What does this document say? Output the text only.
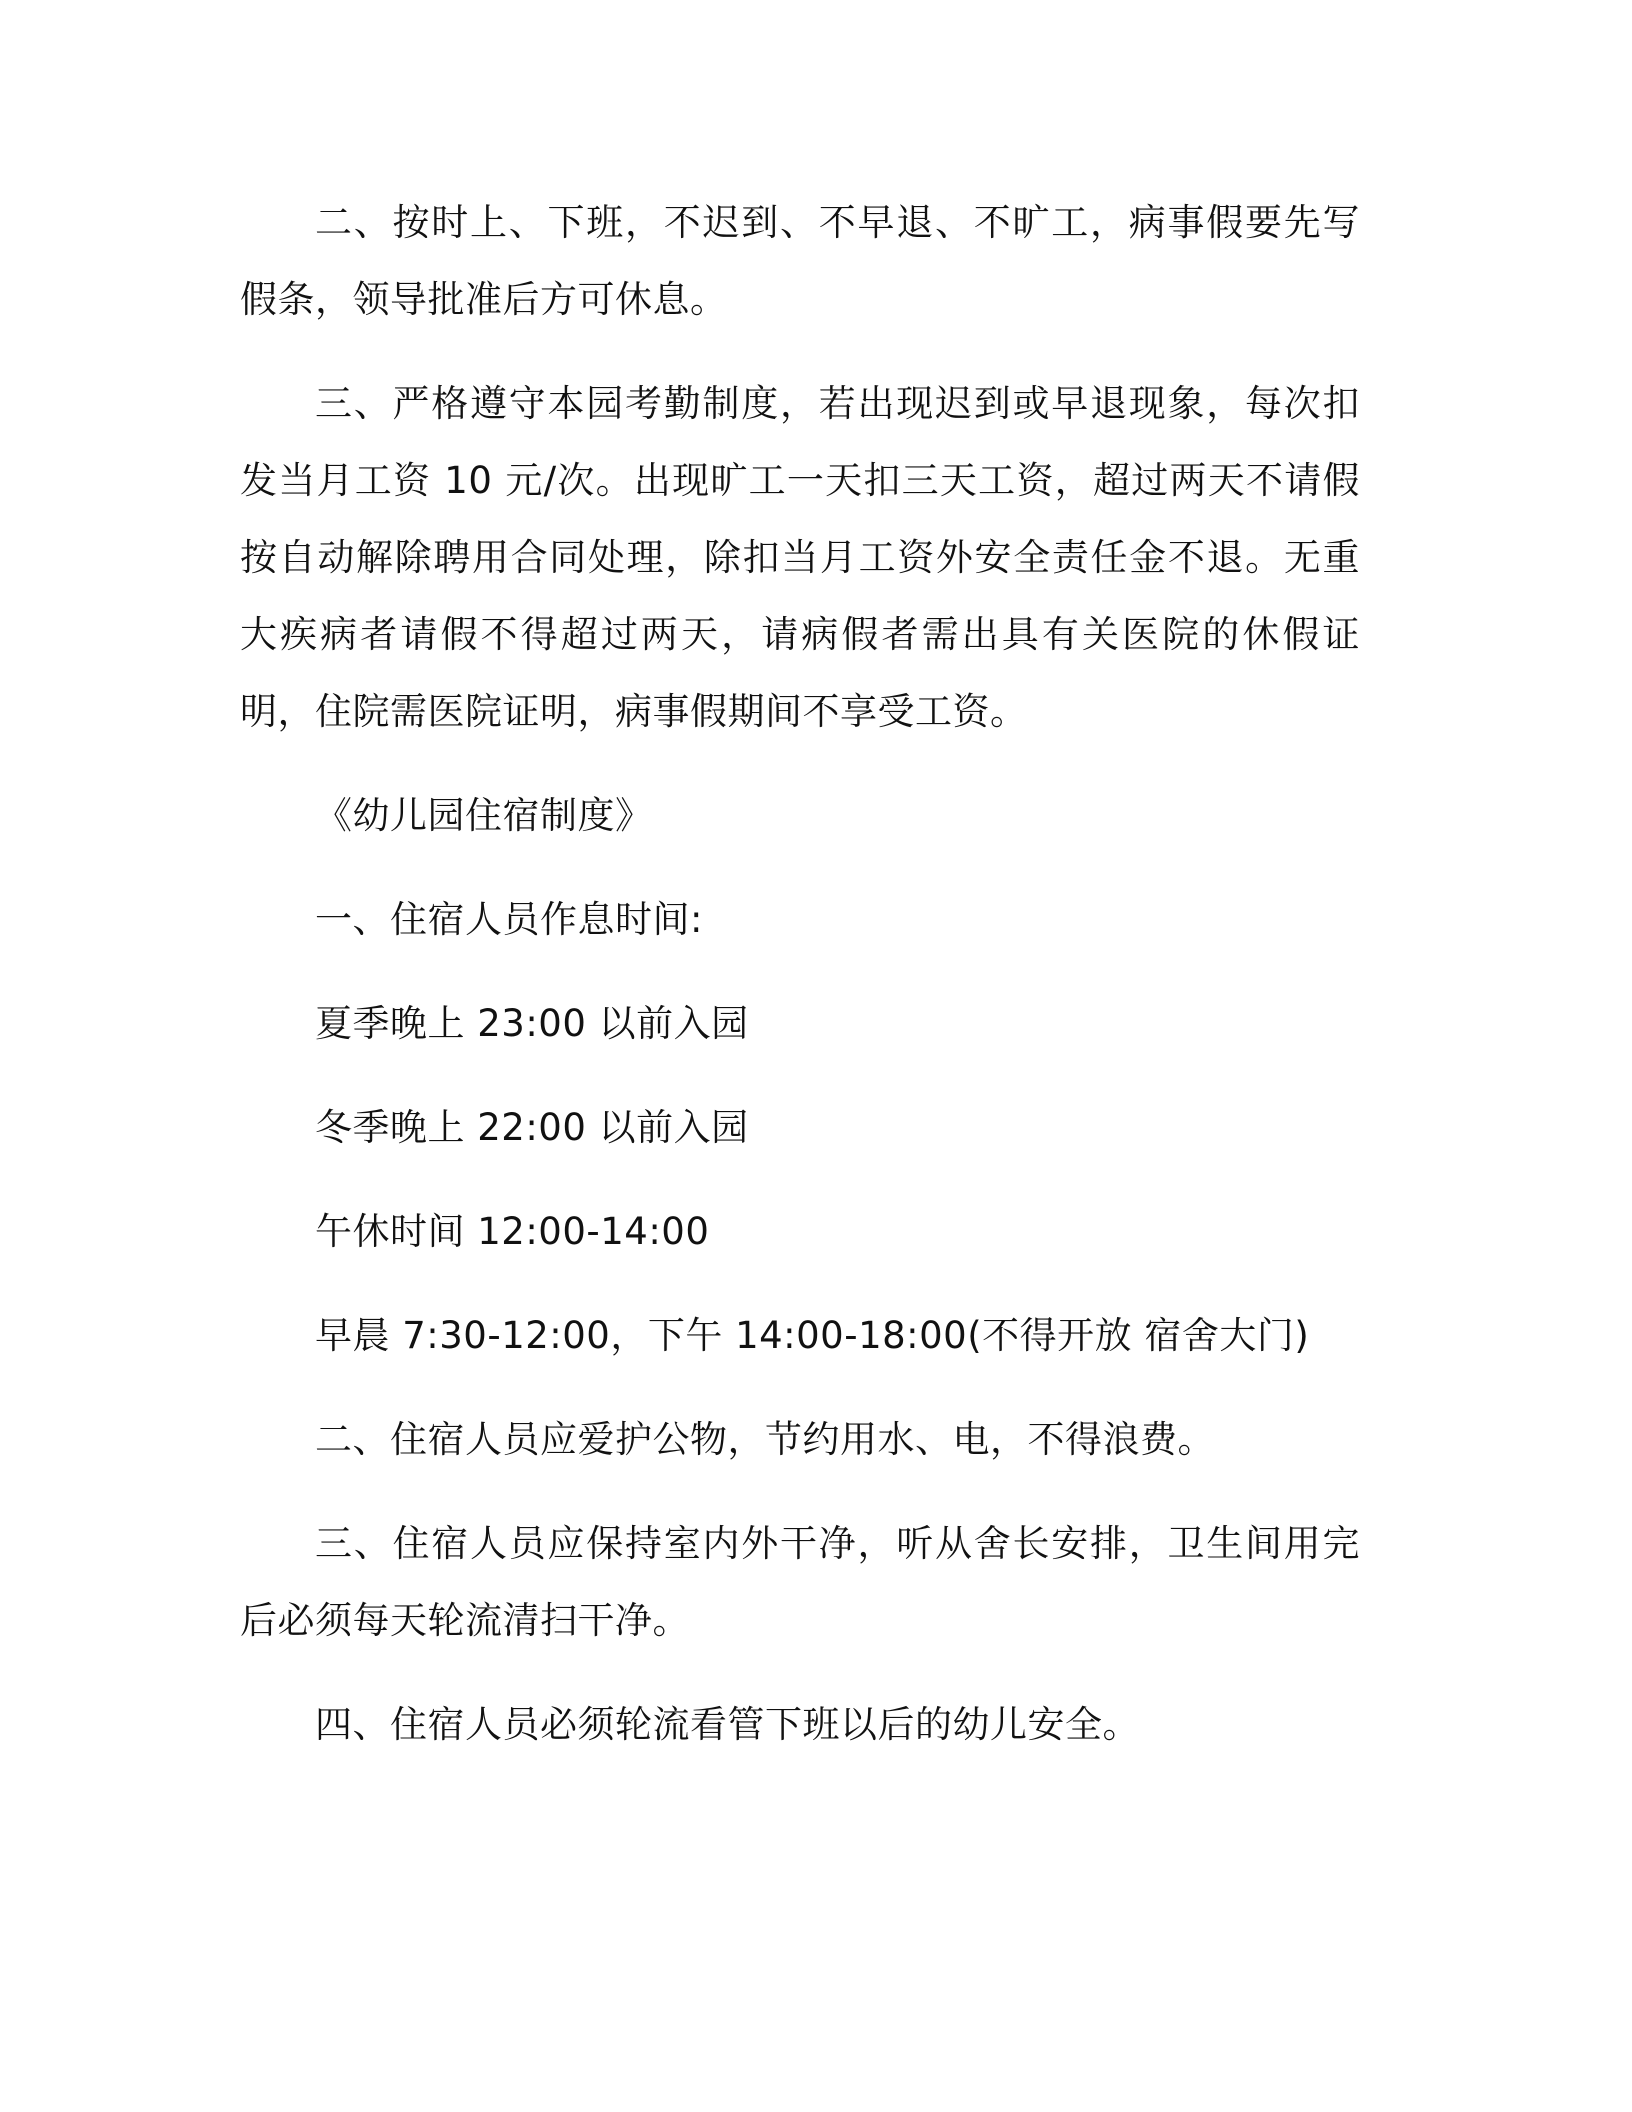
二、按时上、下班，不迟到、不早退、不旷工，病事假要先写假条，领导批准后方可休息。

三、严格遵守本园考勤制度，若出现迟到或早退现象，每次扣发当月工资 10 元/次。出现旷工一天扣三天工资，超过两天不请假按自动解除聘用合同处理，除扣当月工资外安全责任金不退。无重大疾病者请假不得超过两天，请病假者需出具有关医院的休假证明，住院需医院证明，病事假期间不享受工资。

《幼儿园住宿制度》

一、住宿人员作息时间:

夏季晚上 23:00 以前入园

冬季晚上 22:00 以前入园

午休时间 12:00-14:00

早晨 7:30-12:00，下午 14:00-18:00(不得开放 宿舍大门)

二、住宿人员应爱护公物，节约用水、电，不得浪费。

三、住宿人员应保持室内外干净，听从舍长安排，卫生间用完后必须每天轮流清扫干净。

四、住宿人员必须轮流看管下班以后的幼儿安全。
